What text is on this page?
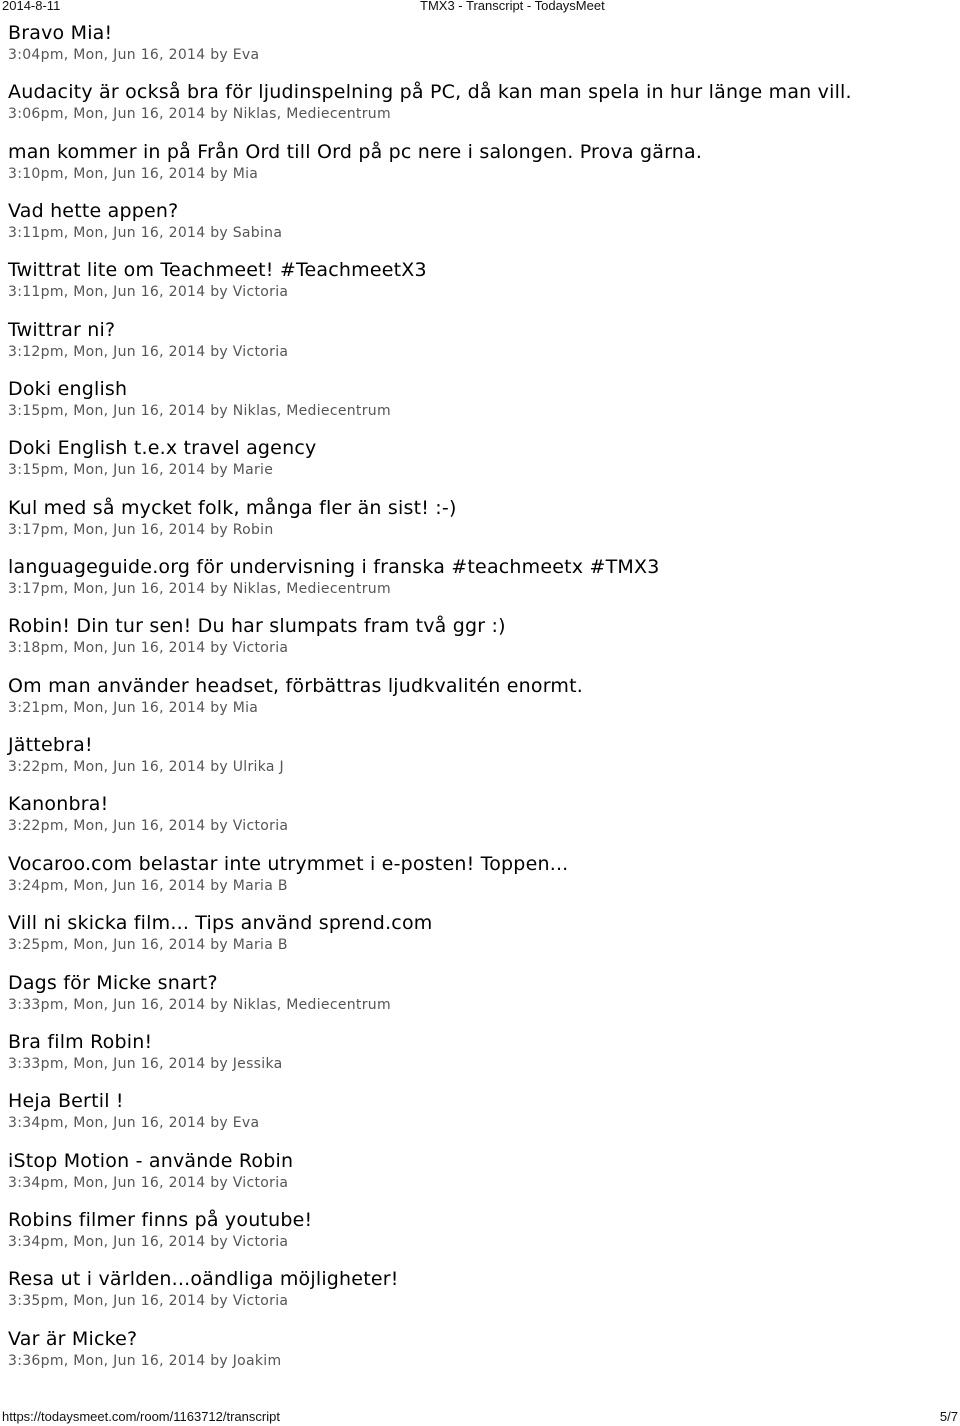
2014-8-11	TMX3 - Transcript - TodaysMeet
Bravo Mia!
3:04pm, Mon, Jun 16, 2014 by Eva
Audacity är också bra för ljudinspelning på PC, då kan man spela in hur länge man vill.
3:06pm, Mon, Jun 16, 2014 by Niklas, Mediecentrum
man kommer in på Från Ord till Ord på pc nere i salongen. Prova gärna.
3:10pm, Mon, Jun 16, 2014 by Mia
Vad hette appen?
3:11pm, Mon, Jun 16, 2014 by Sabina
Twittrat lite om Teachmeet! #TeachmeetX3
3:11pm, Mon, Jun 16, 2014 by Victoria
Twittrar ni?
3:12pm, Mon, Jun 16, 2014 by Victoria
Doki english
3:15pm, Mon, Jun 16, 2014 by Niklas, Mediecentrum
Doki English t.e.x travel agency
3:15pm, Mon, Jun 16, 2014 by Marie
Kul med så mycket folk, många fler än sist! :-)
3:17pm, Mon, Jun 16, 2014 by Robin
languageguide.org för undervisning i franska #teachmeetx #TMX3
3:17pm, Mon, Jun 16, 2014 by Niklas, Mediecentrum
Robin! Din tur sen! Du har slumpats fram två ggr :)
3:18pm, Mon, Jun 16, 2014 by Victoria
Om man använder headset, förbättras ljudkvalitén enormt.
3:21pm, Mon, Jun 16, 2014 by Mia
Jättebra!
3:22pm, Mon, Jun 16, 2014 by Ulrika J
Kanonbra!
3:22pm, Mon, Jun 16, 2014 by Victoria
Vocaroo.com belastar inte utrymmet i e-posten! Toppen...
3:24pm, Mon, Jun 16, 2014 by Maria B
Vill ni skicka film... Tips använd sprend.com
3:25pm, Mon, Jun 16, 2014 by Maria B
Dags för Micke snart?
3:33pm, Mon, Jun 16, 2014 by Niklas, Mediecentrum
Bra film Robin!
3:33pm, Mon, Jun 16, 2014 by Jessika
Heja Bertil !
3:34pm, Mon, Jun 16, 2014 by Eva
iStop Motion - använde Robin
3:34pm, Mon, Jun 16, 2014 by Victoria
Robins filmer finns på youtube!
3:34pm, Mon, Jun 16, 2014 by Victoria
Resa ut i världen...oändliga möjligheter!
3:35pm, Mon, Jun 16, 2014 by Victoria
Var är Micke?
3:36pm, Mon, Jun 16, 2014 by Joakim
https://todaysmeet.com/room/1163712/transcript	5/7
